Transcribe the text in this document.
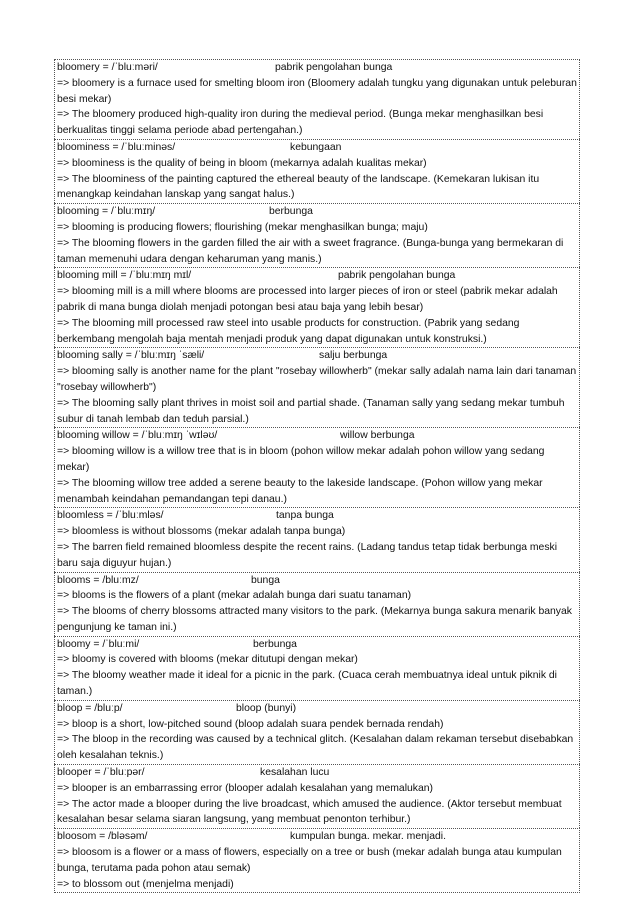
bloomery = /ˈbluːməri/	pabrik pengolahan bunga
=> bloomery is a furnace used for smelting bloom iron (Bloomery adalah tungku yang digunakan untuk peleburan besi mekar)
=> The bloomery produced high-quality iron during the medieval period. (Bunga mekar menghasilkan besi berkualitas tinggi selama periode abad pertengahan.)
bloominess = /ˈbluːminəs/	kebungaan
=> bloominess is the quality of being in bloom (mekarnya adalah kualitas mekar)
=> The bloominess of the painting captured the ethereal beauty of the landscape. (Kemekaran lukisan itu menangkap keindahan lanskap yang sangat halus.)
blooming = /ˈbluːmɪŋ/	berbunga
=> blooming is producing flowers; flourishing (mekar menghasilkan bunga; maju)
=> The blooming flowers in the garden filled the air with a sweet fragrance. (Bunga-bunga yang bermekaran di taman memenuhi udara dengan keharuman yang manis.)
blooming mill = /ˈbluːmɪŋ mɪl/	pabrik pengolahan bunga
=> blooming mill is a mill where blooms are processed into larger pieces of iron or steel (pabrik mekar adalah pabrik di mana bunga diolah menjadi potongan besi atau baja yang lebih besar)
=> The blooming mill processed raw steel into usable products for construction. (Pabrik yang sedang berkembang mengolah baja mentah menjadi produk yang dapat digunakan untuk konstruksi.)
blooming sally = /ˈbluːmɪŋ ˈsæli/	salju berbunga
=> blooming sally is another name for the plant "rosebay willowherb" (mekar sally adalah nama lain dari tanaman "rosebay willowherb")
=> The blooming sally plant thrives in moist soil and partial shade. (Tanaman sally yang sedang mekar tumbuh subur di tanah lembab dan teduh parsial.)
blooming willow = /ˈbluːmɪŋ ˈwɪləʊ/	willow berbunga
=> blooming willow is a willow tree that is in bloom (pohon willow mekar adalah pohon willow yang sedang mekar)
=> The blooming willow tree added a serene beauty to the lakeside landscape. (Pohon willow yang mekar menambah keindahan pemandangan tepi danau.)
bloomless = /ˈbluːmləs/	tanpa bunga
=> bloomless is without blossoms (mekar adalah tanpa bunga)
=> The barren field remained bloomless despite the recent rains. (Ladang tandus tetap tidak berbunga meski baru saja diguyur hujan.)
blooms = /bluːmz/	bunga
=> blooms is the flowers of a plant (mekar adalah bunga dari suatu tanaman)
=> The blooms of cherry blossoms attracted many visitors to the park. (Mekarnya bunga sakura menarik banyak pengunjung ke taman ini.)
bloomy = /ˈbluːmi/	berbunga
=> bloomy is covered with blooms (mekar ditutupi dengan mekar)
=> The bloomy weather made it ideal for a picnic in the park. (Cuaca cerah membuatnya ideal untuk piknik di taman.)
bloop = /bluːp/	bloop (bunyi)
=> bloop is a short, low-pitched sound (bloop adalah suara pendek bernada rendah)
=> The bloop in the recording was caused by a technical glitch. (Kesalahan dalam rekaman tersebut disebabkan oleh kesalahan teknis.)
blooper = /ˈbluːpər/	kesalahan lucu
=> blooper is an embarrassing error (blooper adalah kesalahan yang memalukan)
=> The actor made a blooper during the live broadcast, which amused the audience. (Aktor tersebut membuat kesalahan besar selama siaran langsung, yang membuat penonton terhibur.)
bloosom = /bləsəm/	kumpulan bunga. mekar. menjadi.
=> bloosom is a flower or a mass of flowers, especially on a tree or bush (mekar adalah bunga atau kumpulan bunga, terutama pada pohon atau semak)
=> to blossom out (menjelma menjadi)
